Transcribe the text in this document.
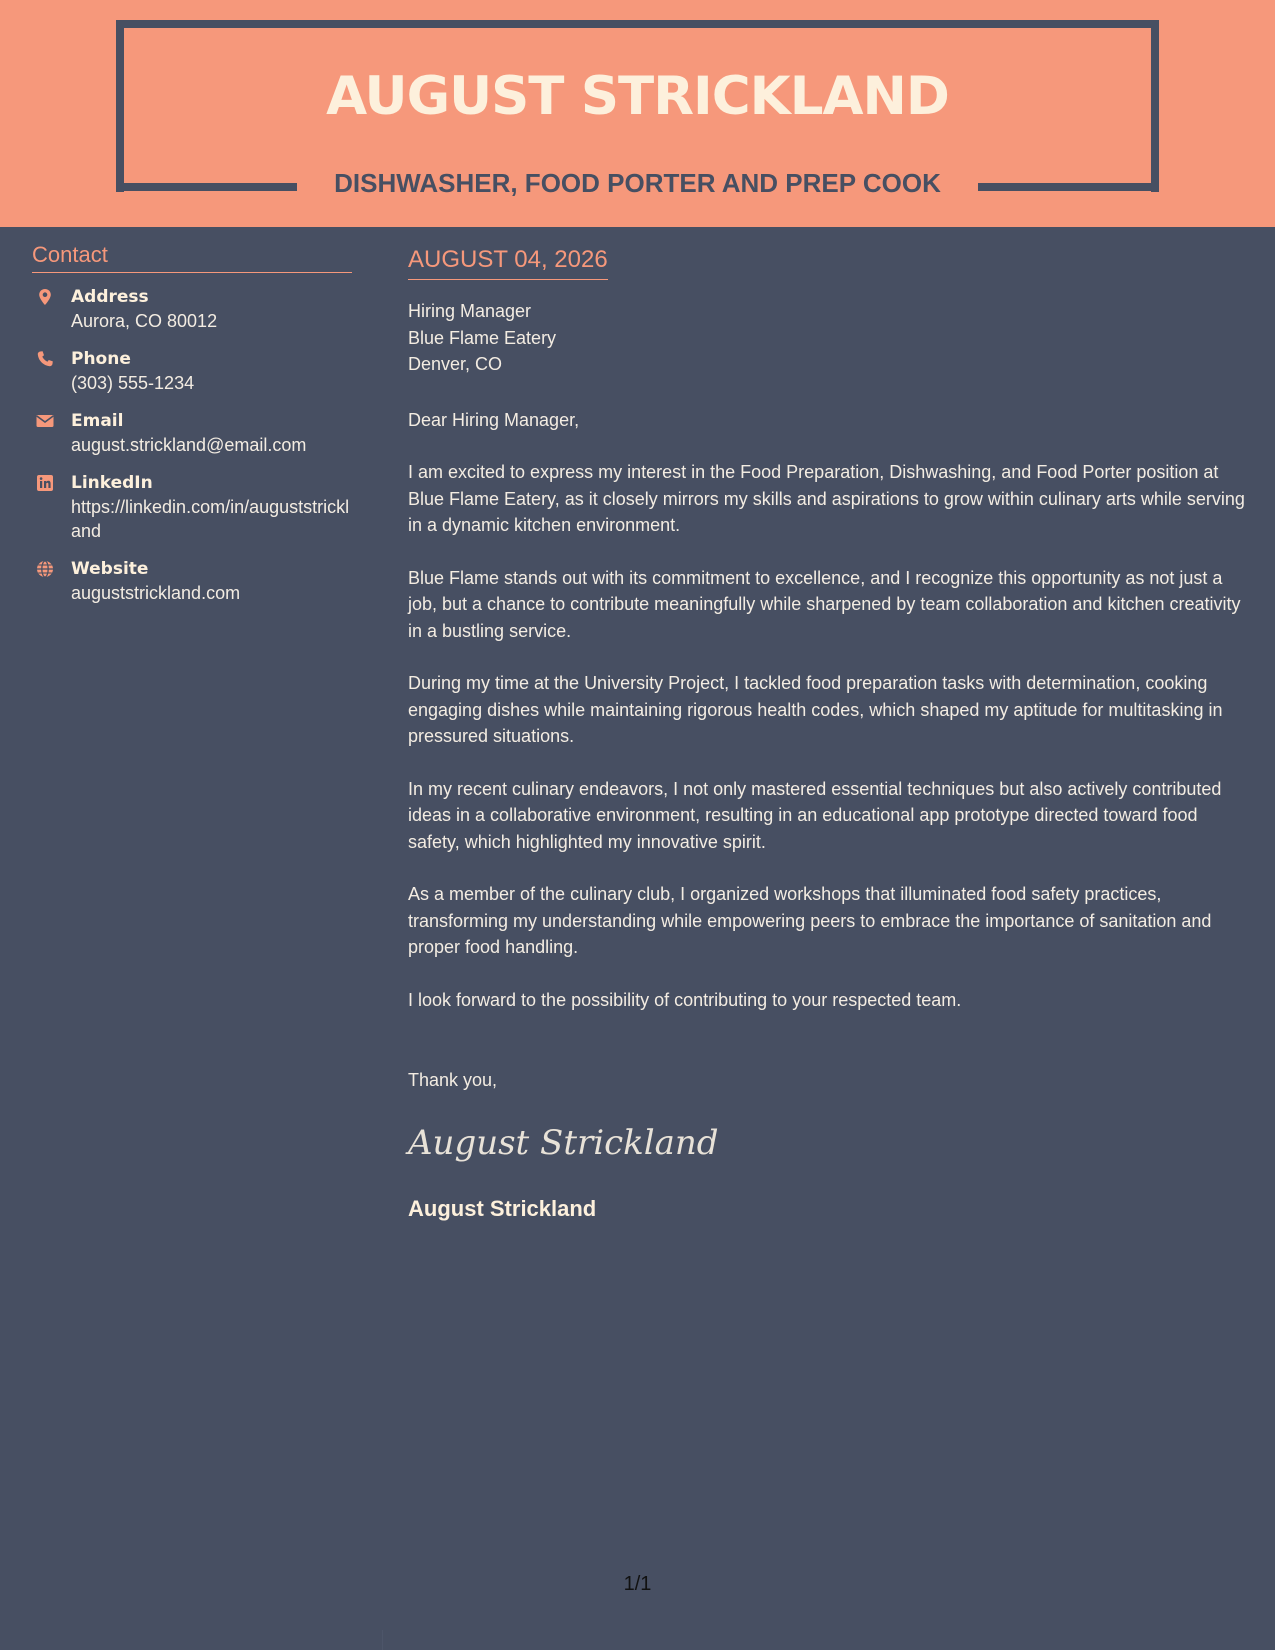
AUGUST STRICKLAND
DISHWASHER, FOOD PORTER AND PREP COOK
Contact
Address
Aurora, CO 80012
Phone
(303) 555-1234
Email
august.strickland@email.com
LinkedIn
https://linkedin.com/in/augustst​rickland
Website
auguststrickland.com
AUGUST 04, 2026
Hiring Manager
Blue Flame Eatery
Denver, CO
Dear Hiring Manager,
I am excited to express my interest in the Food Preparation, Dishwashing, and Food Porter position at Blue Flame Eatery, as it closely mirrors my skills and aspirations to grow within culinary arts while serving in a dynamic kitchen environment.
Blue Flame stands out with its commitment to excellence, and I recognize this opportunity as not just a job, but a chance to contribute meaningfully while sharpened by team collaboration and kitchen creativity in a bustling service.
During my time at the University Project, I tackled food preparation tasks with determination, cooking engaging dishes while maintaining rigorous health codes, which shaped my aptitude for multitasking in pressured situations.
In my recent culinary endeavors, I not only mastered essential techniques but also actively contributed ideas in a collaborative environment, resulting in an educational app prototype directed toward food safety, which highlighted my innovative spirit.
As a member of the culinary club, I organized workshops that illuminated food safety practices, transforming my understanding while empowering peers to embrace the importance of sanitation and proper food handling.
I look forward to the possibility of contributing to your respected team.
Thank you,
August Strickland
August Strickland
1/1
